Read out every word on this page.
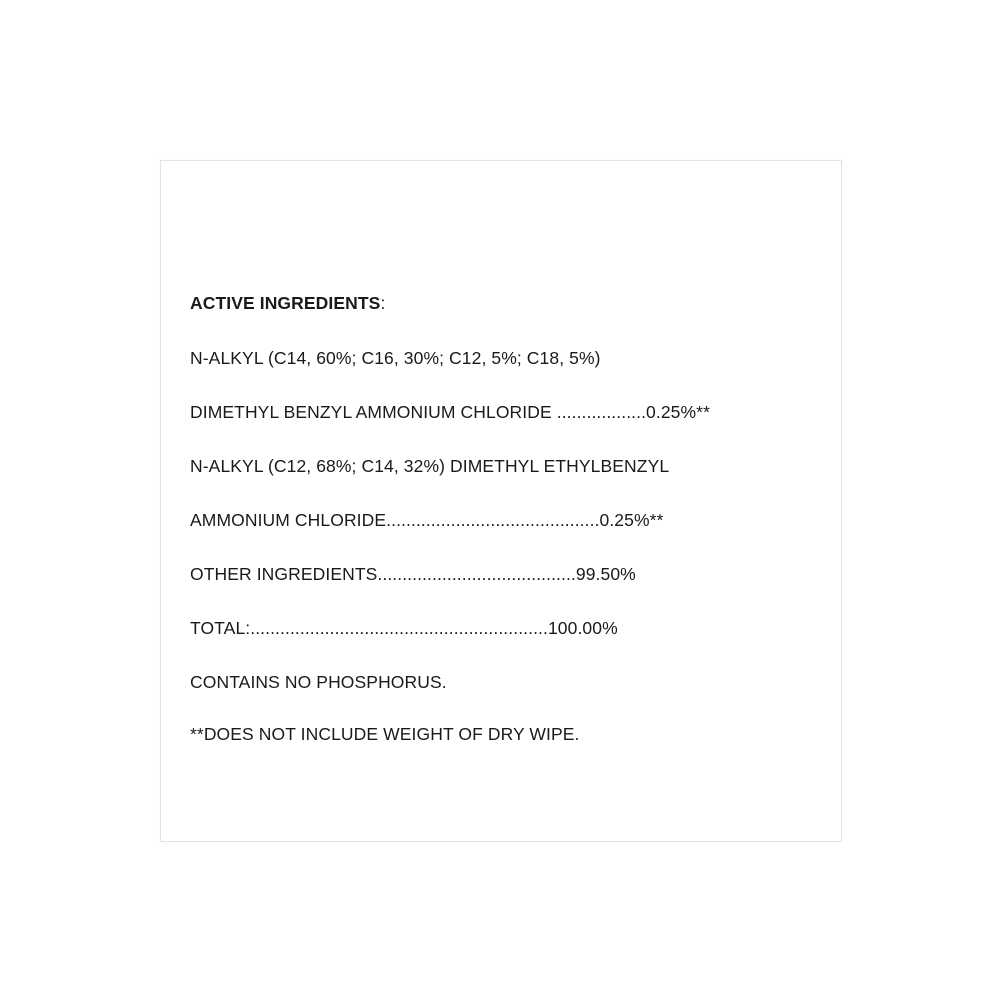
ACTIVE INGREDIENTS:

N-ALKYL (C14, 60%; C16, 30%; C12, 5%; C18, 5%)

DIMETHYL BENZYL AMMONIUM CHLORIDE ..................0.25%**

N-ALKYL (C12, 68%; C14, 32%) DIMETHYL ETHYLBENZYL

AMMONIUM CHLORIDE...........................................0.25%**

OTHER INGREDIENTS........................................99.50%

TOTAL:............................................................100.00%

CONTAINS NO PHOSPHORUS.

**DOES NOT INCLUDE WEIGHT OF DRY WIPE.
